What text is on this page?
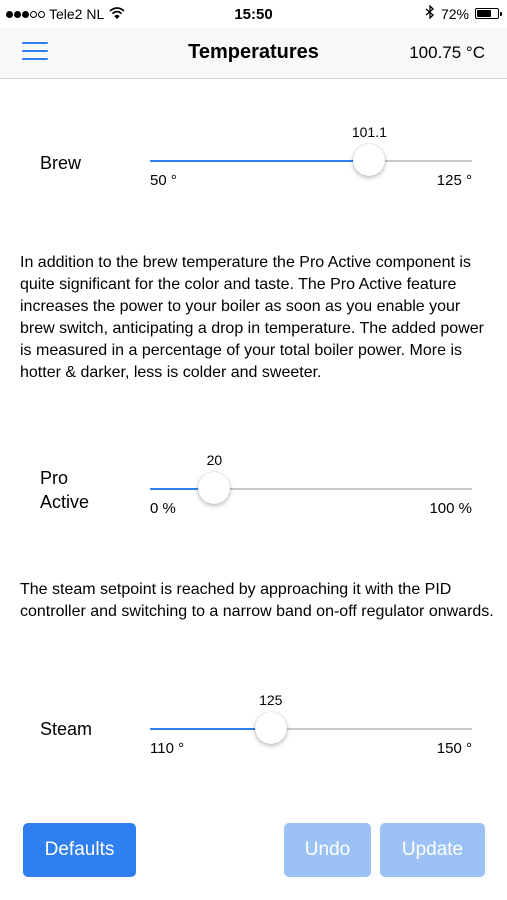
Tele2 NL	15:50	72%
Temperatures	100.75 °C
Brew
101.1
50 °	125 °
In addition to the brew temperature the Pro Active component is quite significant for the color and taste. The Pro Active feature increases the power to your boiler as soon as you enable your brew switch, anticipating a drop in temperature. The added power is measured in a percentage of your total boiler power. More is hotter & darker, less is colder and sweeter.
Pro
Active
20
0 %	100 %
The steam setpoint is reached by approaching it with the PID controller and switching to a narrow band on-off regulator onwards.
Steam
125
110 °	150 °
Defaults	Undo	Update
